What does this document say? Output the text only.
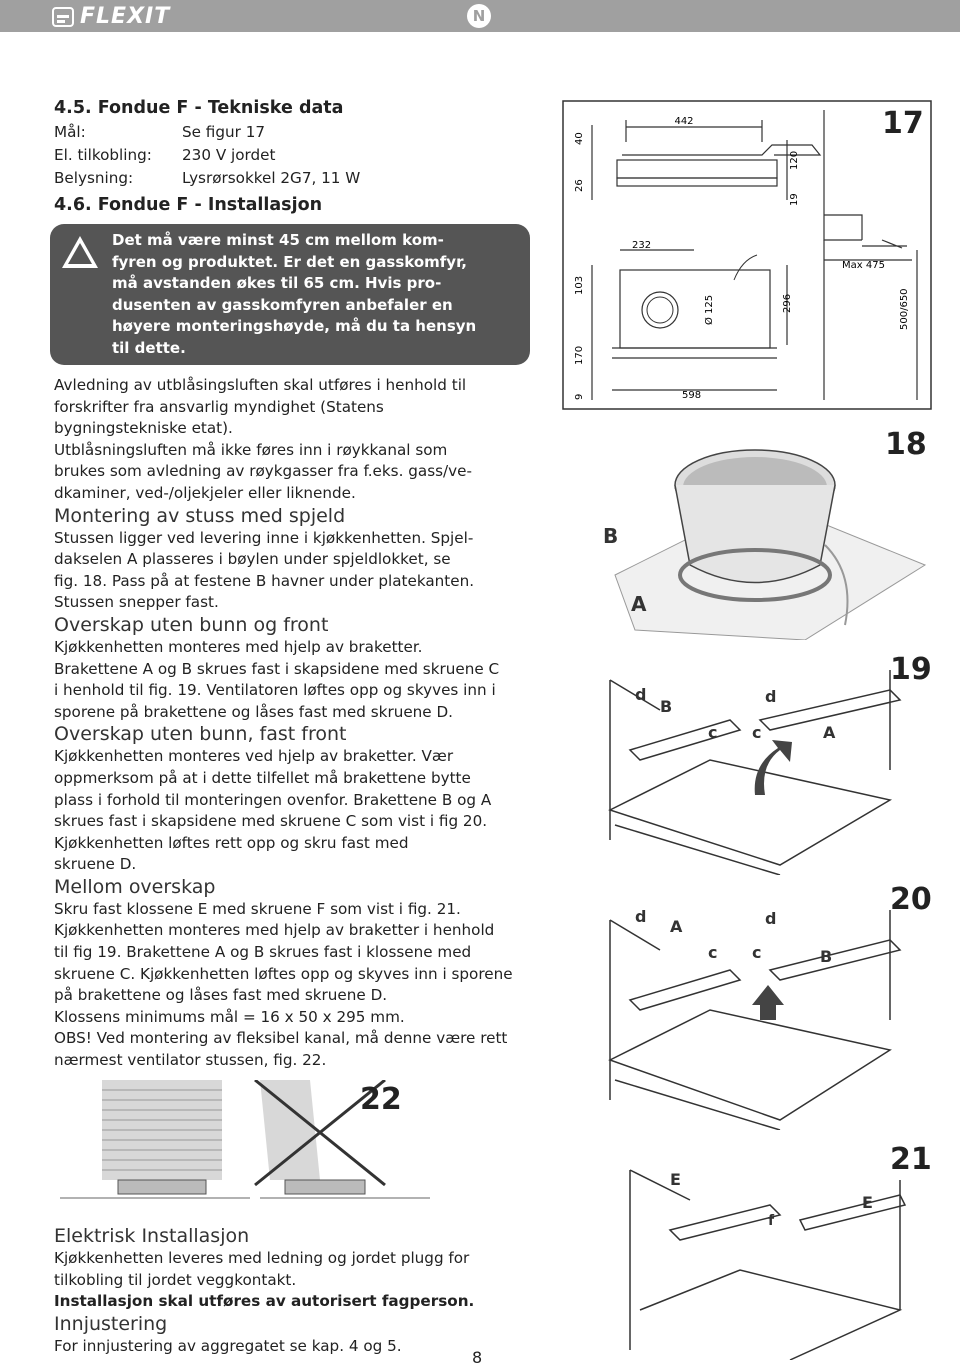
FLEXIT	N
4.5. Fondue F - Tekniske data
Mål:	Se figur 17
El. tilkobling:	230 V jordet
Belysning:	Lysrørsokkel 2G7, 11 W
4.6. Fondue F - Installasjon
Det må være minst 45 cm mellom kom-
fyren og produktet. Er det en gasskomfyr,
må avstanden økes til 65 cm. Hvis pro-
dusenten av gasskomfyren anbefaler en
høyere monteringshøyde, må du ta hensyn
til dette.
Avledning av utblåsingsluften skal utføres i henhold til
forskrifter fra ansvarlig myndighet (Statens
bygningstekniske etat).
Utblåsningsluften må ikke føres inn i røykkanal som
brukes som avledning av røykgasser fra f.eks. gass/ve-
dkaminer, ved-/oljekjeler eller liknende.
Montering av stuss med spjeld
Stussen ligger ved levering inne i kjøkkenhetten. Spjel-
dakselen A plasseres i bøylen under spjeldlokket, se
fig. 18. Pass på at festene B havner under platekanten.
Stussen snepper fast.
Overskap uten bunn og front
Kjøkkenhetten monteres med hjelp av braketter.
Brakettene A og B skrues fast i skapsidene med skruene C
i henhold til fig. 19. Ventilatoren løftes opp og skyves inn i
sporene på brakettene og låses fast med skruene D.
Overskap uten bunn, fast front
Kjøkkenhetten monteres ved hjelp av braketter. Vær
oppmerksom på at i dette tilfellet må brakettene bytte
plass i forhold til monteringen ovenfor. Brakettene B og A
skrues fast i skapsidene med skruene C som vist i fig 20.
Kjøkkenhetten løftes rett opp og skru fast med
skruene D.
Mellom overskap
Skru fast klossene E med skruene F som vist i fig. 21.
Kjøkkenhetten monteres med hjelp av braketter i henhold
til fig 19. Brakettene A og B skrues fast i klossene med
skruene C. Kjøkkenhetten løftes opp og skyves inn i sporene
på brakettene og låses fast med skruene D.
Klossens minimums mål = 16 x 50 x 295 mm.
OBS! Ved montering av fleksibel kanal, må denne være rett
nærmest ventilator stussen, fig. 22.
Elektrisk Installasjon
Kjøkkenhetten leveres med ledning og jordet plugg for
tilkobling til jordet veggkontakt.
Installasjon skal utføres av autorisert fagperson.
Innjustering
For innjustering av aggregatet se kap. 4 og 5.
8
442
40
26
120
19
232
103
Ø 125	296
170
9	598
Max 475
500/650
17
B
A
18
d
B
c c
d
A
19
d
A
c c
d
B
20
E
f
E
21
22
